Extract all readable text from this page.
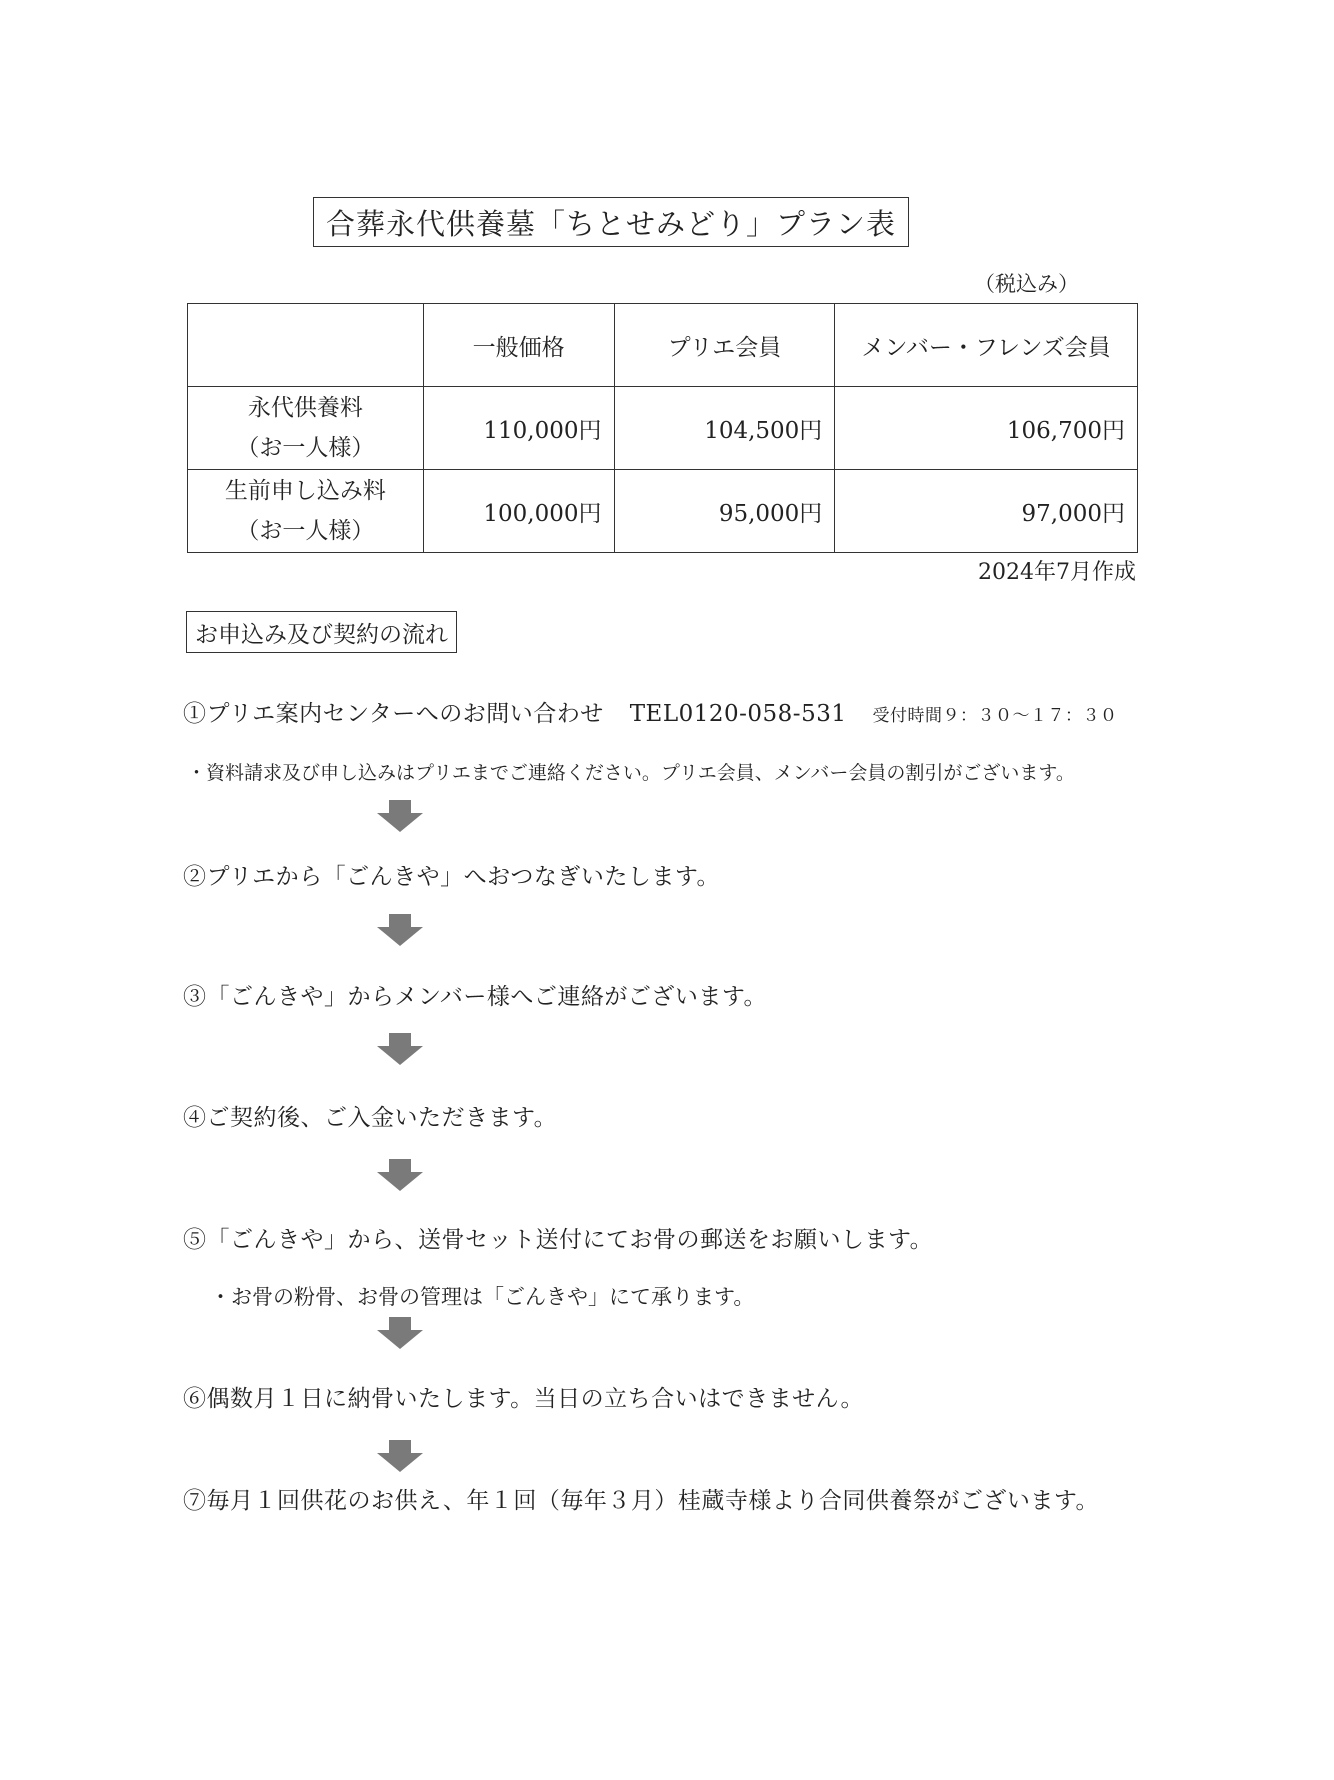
合葬永代供養墓「ちとせみどり」プラン表
（税込み）
	一般価格	プリエ会員	メンバー・フレンズ会員

永代供養料
（お一人様）	110,000円	104,500円	106,700円

生前申し込み料
（お一人様）	100,000円	95,000円	97,000円
2024年7月作成
お申込み及び契約の流れ
①プリエ案内センターへのお問い合わせ TEL0120-058-531 受付時間９：３０～１７：３０
・資料請求及び申し込みはプリエまでご連絡ください。プリエ会員、メンバー会員の割引がございます。
②プリエから「ごんきや」へおつなぎいたします。
③「ごんきや」からメンバー様へご連絡がございます。
④ご契約後、ご入金いただきます。
⑤「ごんきや」から、送骨セット送付にてお骨の郵送をお願いします。
・お骨の粉骨、お骨の管理は「ごんきや」にて承ります。
⑥偶数月１日に納骨いたします。当日の立ち合いはできません。
⑦毎月１回供花のお供え、年１回（毎年３月）桂蔵寺様より合同供養祭がございます。
